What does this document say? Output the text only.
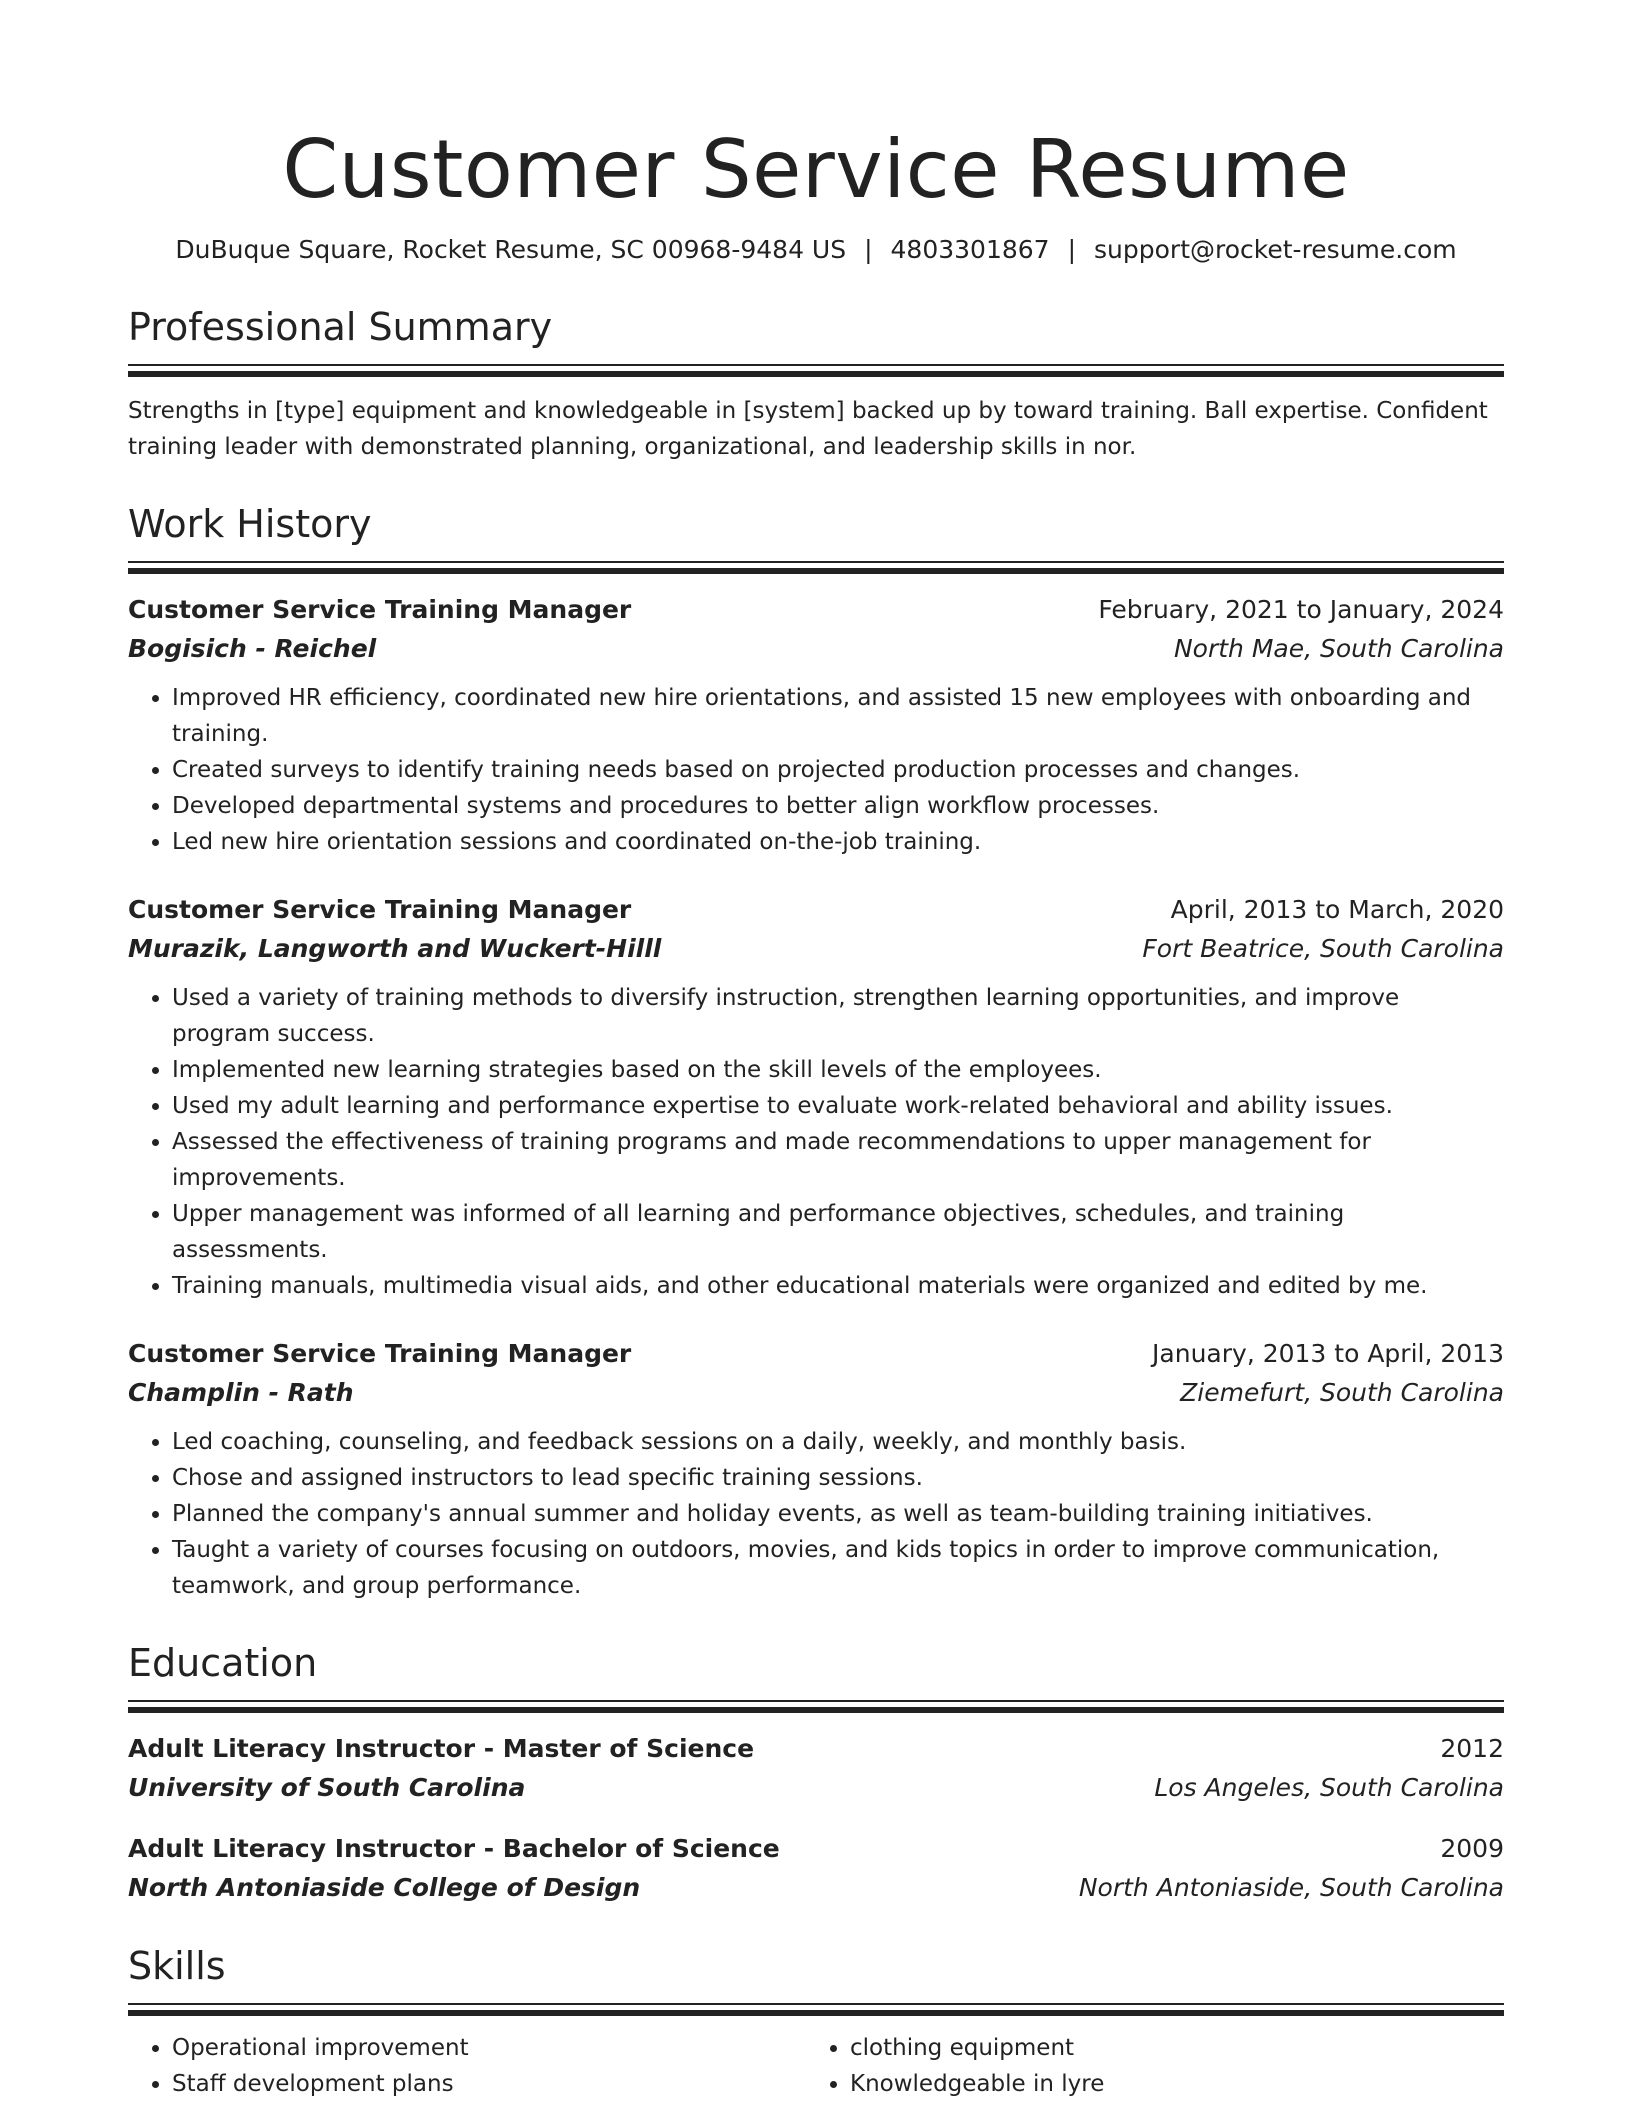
Customer Service Resume
DuBuque Square, Rocket Resume, SC 00968-9484 US | 4803301867 | support@rocket-resume.com
Professional Summary
Strengths in [type] equipment and knowledgeable in [system] backed up by toward training. Ball expertise. Confident training leader with demonstrated planning, organizational, and leadership skills in nor.
Work History
Customer Service Training Manager	February, 2021 to January, 2024
Bogisich - Reichel	North Mae, South Carolina
• Improved HR efficiency, coordinated new hire orientations, and assisted 15 new employees with onboarding and training.
• Created surveys to identify training needs based on projected production processes and changes.
• Developed departmental systems and procedures to better align workflow processes.
• Led new hire orientation sessions and coordinated on-the-job training.
Customer Service Training Manager	April, 2013 to March, 2020
Murazik, Langworth and Wuckert-Hilll	Fort Beatrice, South Carolina
• Used a variety of training methods to diversify instruction, strengthen learning opportunities, and improve program success.
• Implemented new learning strategies based on the skill levels of the employees.
• Used my adult learning and performance expertise to evaluate work-related behavioral and ability issues.
• Assessed the effectiveness of training programs and made recommendations to upper management for improvements.
• Upper management was informed of all learning and performance objectives, schedules, and training assessments.
• Training manuals, multimedia visual aids, and other educational materials were organized and edited by me.
Customer Service Training Manager	January, 2013 to April, 2013
Champlin - Rath	Ziemefurt, South Carolina
• Led coaching, counseling, and feedback sessions on a daily, weekly, and monthly basis.
• Chose and assigned instructors to lead specific training sessions.
• Planned the company's annual summer and holiday events, as well as team-building training initiatives.
• Taught a variety of courses focusing on outdoors, movies, and kids topics in order to improve communication, teamwork, and group performance.
Education
Adult Literacy Instructor - Master of Science	2012
University of South Carolina	Los Angeles, South Carolina
Adult Literacy Instructor - Bachelor of Science	2009
North Antoniaside College of Design	North Antoniaside, South Carolina
Skills
• Operational improvement
• Staff development plans
• clothing equipment
• Knowledgeable in lyre
